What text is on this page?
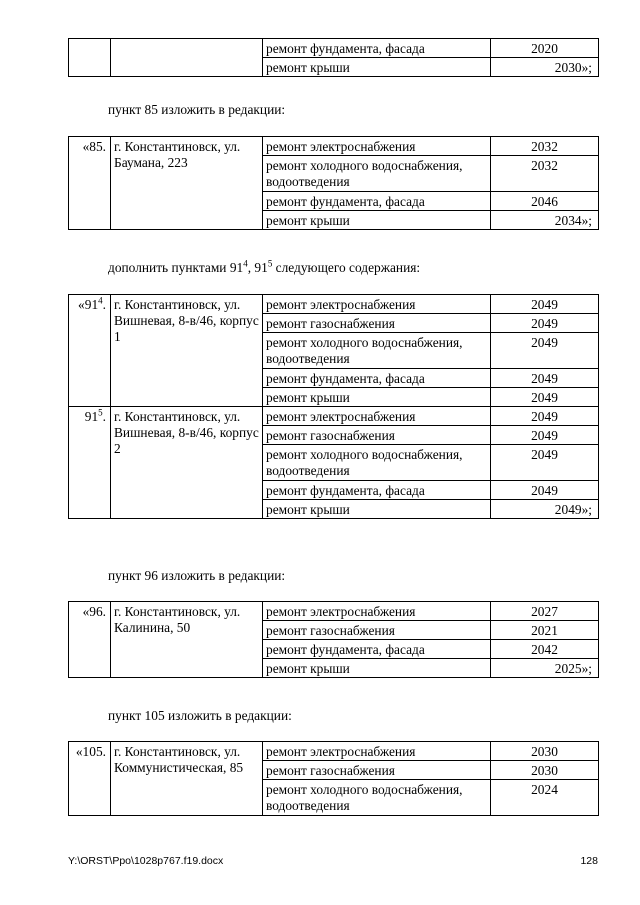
		ремонт фундамента, фасада	2020
		ремонт крыши	2030»;
пункт 85 изложить в редакции:
«85.	г. Константиновск, ул. Баумана, 223	ремонт электроснабжения	2032
		ремонт холодного водоснабжения, водоотведения	2032
		ремонт фундамента, фасада	2046
		ремонт крыши	2034»;
дополнить пунктами $91^4$, $91^5$ следующего содержания:
«$91^4$.	г. Константиновск, ул. Вишневая, 8-в/46, корпус 1	ремонт электроснабжения	2049
		ремонт газоснабжения	2049
		ремонт холодного водоснабжения, водоотведения	2049
		ремонт фундамента, фасада	2049
		ремонт крыши	2049
$91^5$.	г. Константиновск, ул. Вишневая, 8-в/46, корпус 2	ремонт электроснабжения	2049
		ремонт газоснабжения	2049
		ремонт холодного водоснабжения, водоотведения	2049
		ремонт фундамента, фасада	2049
		ремонт крыши	2049»;
пункт 96 изложить в редакции:
«96.	г. Константиновск, ул. Калинина, 50	ремонт электроснабжения	2027
		ремонт газоснабжения	2021
		ремонт фундамента, фасада	2042
		ремонт крыши	2025»;
пункт 105 изложить в редакции:
«105.	г. Константиновск, ул. Коммунистическая, 85	ремонт электроснабжения	2030
		ремонт газоснабжения	2030
		ремонт холодного водоснабжения, водоотведения	2024
Y:\ORST\Ppo\1028p767.f19.docx	128
